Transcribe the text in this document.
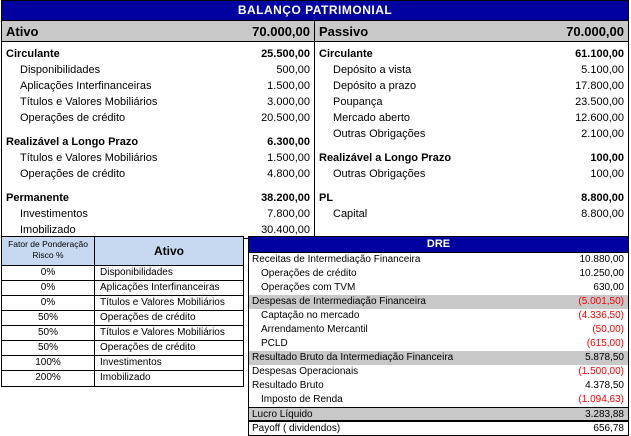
BALANÇO PATRIMONIAL
Ativo	70.000,00
Circulante	25.500,00
Disponibilidades	500,00
Aplicações Interfinanceiras	1.500,00
Títulos e Valores Mobiliários	3.000,00
Operações de crédito	20.500,00
Realizável a Longo Prazo	6.300,00
Títulos e Valores Mobiliários	1.500,00
Operações de crédito	4.800,00
Permanente	38.200,00
Investimentos	7.800,00
Imobilizado	30.400,00
Passivo	70.000,00
Circulante	61.100,00
Depósito a vista	5.100,00
Depósito a prazo	17.800,00
Poupança	23.500,00
Mercado aberto	12.600,00
Outras Obrigações	2.100,00
Realizável a Longo Prazo	100,00
Outras Obrigações	100,00
PL	8.800,00
Capital	8.800,00
Fator de Ponderação
Risco %	Ativo
0%	Disponibilidades
0%	Aplicações Interfinanceiras
0%	Títulos e Valores Mobiliários
50%	Operações de crédito
50%	Títulos e Valores Mobiliários
50%	Operações de crédito
100%	Investimentos
200%	Imobilizado
DRE
Receitas de Intermediação Financeira	10.880,00
Operações de crédito	10.250,00
Operações com TVM	630,00
Despesas de Intermediação Financeira	(5.001,50)
Captação no mercado	(4.336,50)
Arrendamento Mercantil	(50,00)
PCLD	(615,00)
Resultado Bruto da Intermediação Financeira	5.878,50
Despesas Operacionais	(1.500,00)
Resultado Bruto	4.378,50
Imposto de Renda	(1.094,63)
Lucro Líquido	3.283,88
Payoff ( dividendos)	656,78
